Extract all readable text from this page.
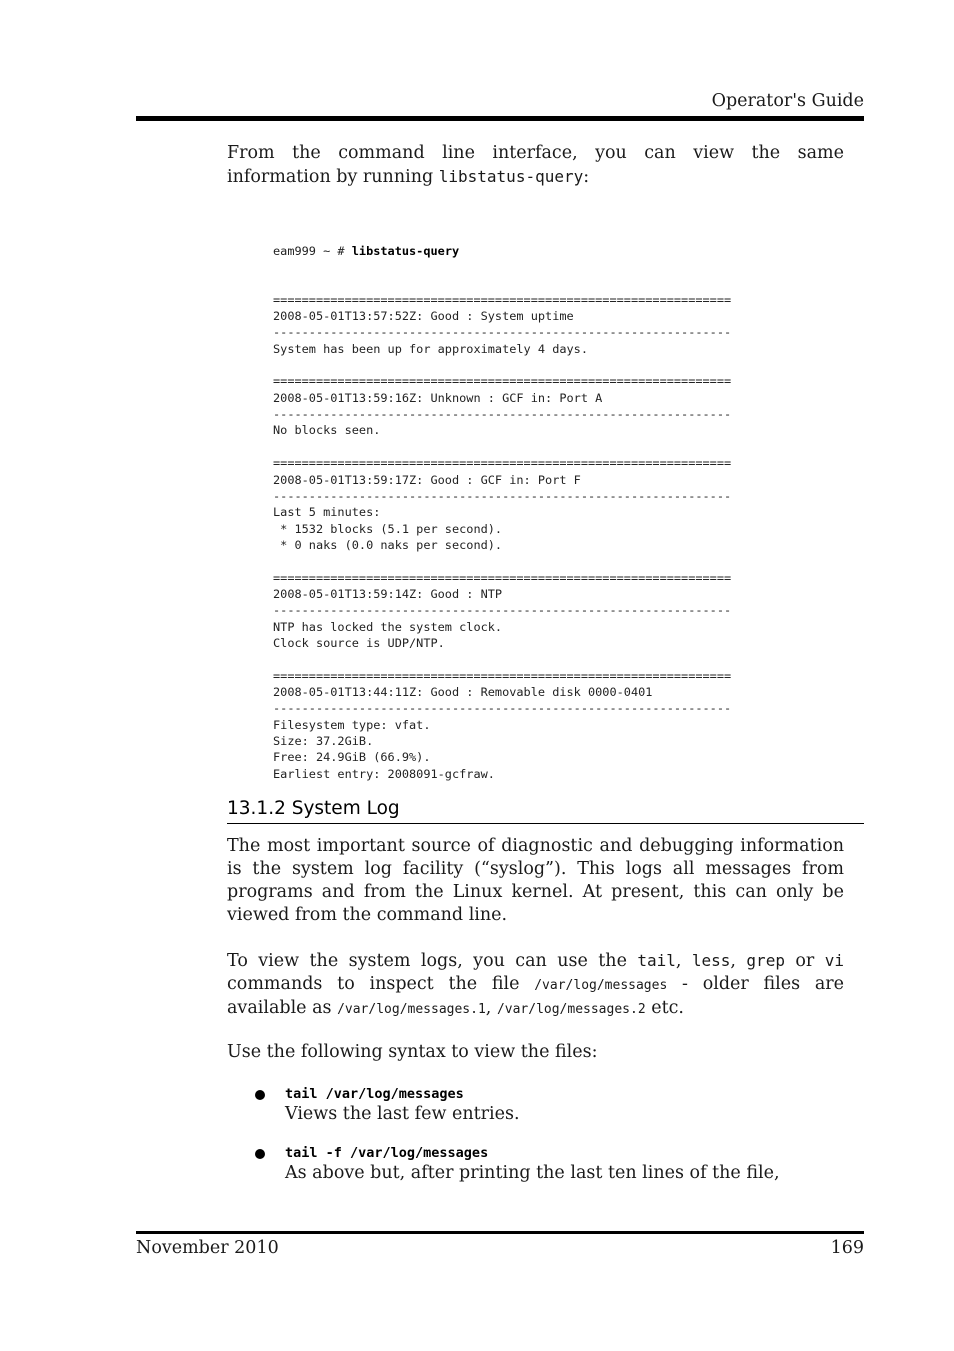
Operator's Guide

From the command line interface, you can view the same information by running libstatus-query:

eam999 ~ # libstatus-query

================================================================
2008-05-01T13:57:52Z: Good : System uptime
----------------------------------------------------------------
System has been up for approximately 4 days.
================================================================
2008-05-01T13:59:16Z: Unknown : GCF in: Port A
----------------------------------------------------------------
No blocks seen.
================================================================
2008-05-01T13:59:17Z: Good : GCF in: Port F
----------------------------------------------------------------
Last 5 minutes:
* 1532 blocks (5.1 per second).
* 0 naks (0.0 naks per second).
================================================================
2008-05-01T13:59:14Z: Good : NTP
----------------------------------------------------------------
NTP has locked the system clock.
Clock source is UDP/NTP.
================================================================
2008-05-01T13:44:11Z: Good : Removable disk 0000-0401
----------------------------------------------------------------
Filesystem type: vfat.
Size: 37.2GiB.
Free: 24.9GiB (66.9%).
Earliest entry: 2008091-gcfraw.

13.1.2 System Log

The most important source of diagnostic and debugging information is the system log facility (“syslog”). This logs all messages from programs and from the Linux kernel. At present, this can only be viewed from the command line.

To view the system logs, you can use the tail, less, grep or vi commands to inspect the file /var/log/messages - older files are available as /var/log/messages.1, /var/log/messages.2 etc.

Use the following syntax to view the files:

tail /var/log/messages
Views the last few entries.
tail -f /var/log/messages
As above but, after printing the last ten lines of the file,
November 2010	169
